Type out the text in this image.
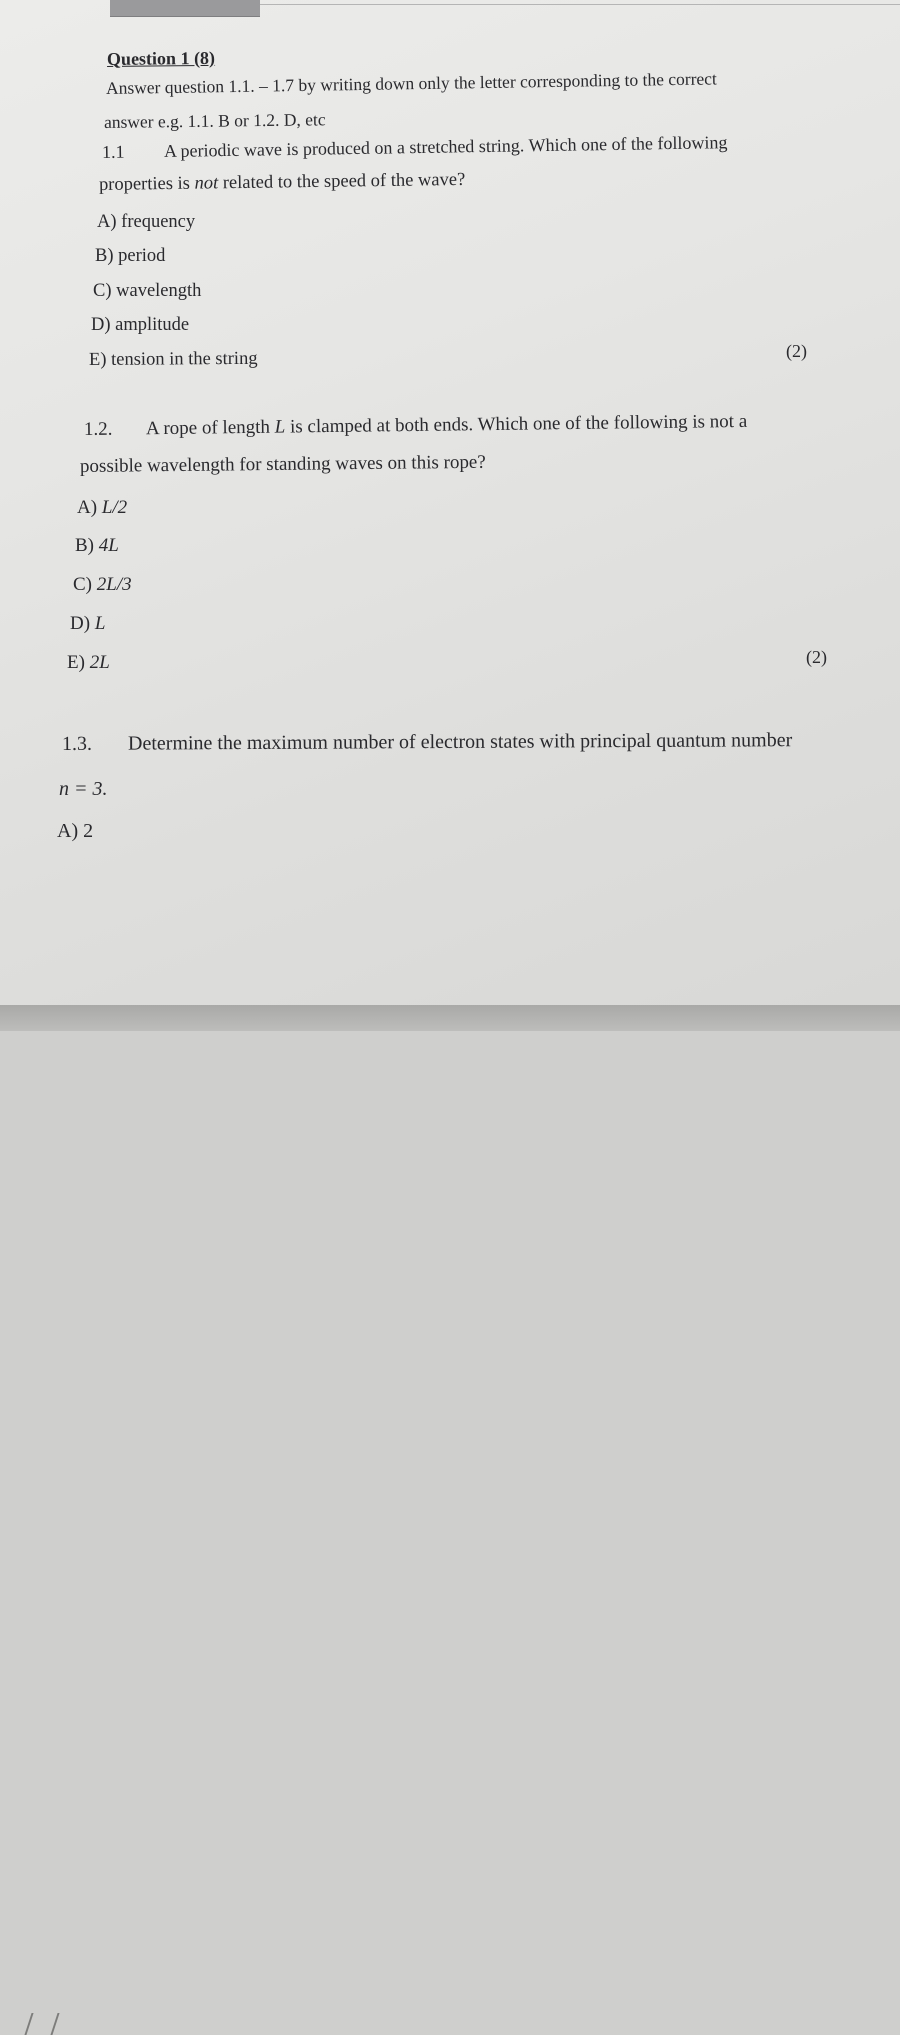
Question 1 (8)
Answer question 1.1. – 1.7 by writing down only the letter corresponding to the correct
answer e.g. 1.1. B or 1.2. D, etc
1.1 A periodic wave is produced on a stretched string. Which one of the following
properties is not related to the speed of the wave?
A) frequency
B) period
C) wavelength
D) amplitude
E) tension in the string	(2)
1.2. A rope of length L is clamped at both ends. Which one of the following is not a
possible wavelength for standing waves on this rope?
A) L/2
B) 4L
C) 2L/3
D) L
E) 2L	(2)
1.3. Determine the maximum number of electron states with principal quantum number
n = 3.
A) 2
